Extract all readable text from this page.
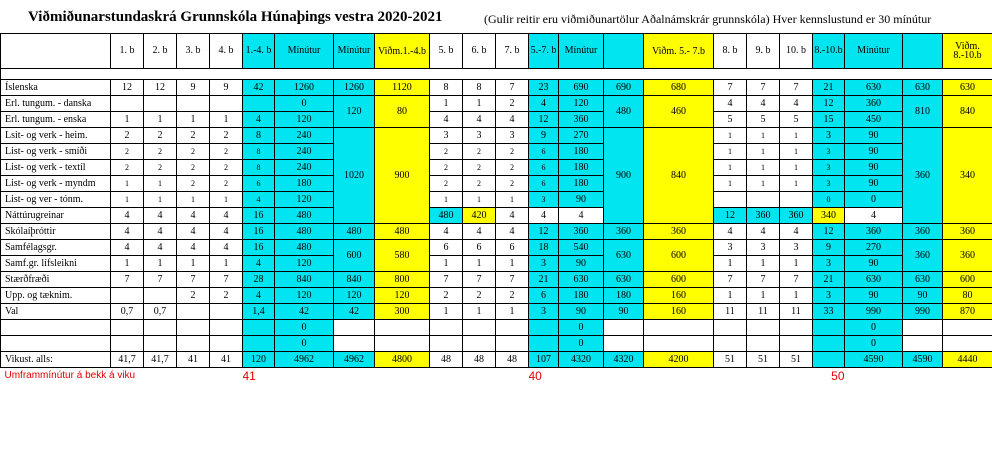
Viðmiðunarstundaskrá Grunnskóla Húnaþings vestra 2020-2021	(Gulir reitir eru viðmiðunartölur Aðalnámskrár grunnskóla) Hver kennslustund er 30 mínútur
	1. b	2. b	3. b	4. b	1.-4. b	Mínútur	Mínútur	Viðm.1.-4.b	5. b	6. b	7. b	5.-7. b	Mínútur		Viðm. 5.- 7.b	8. b	9. b	10. b	8.-10.b	Mínútur		Viðm. 8.-10.b	

Íslenska	12	12	9	9	42	1260	1260	1120	8	8	7	23	690	690	680	7	7	7	21	630	630	630	
Erl. tungum. - danska						0	120	80	1	1	2	4	120	480	460	4	4	4	12	360	810	840	
Erl. tungum. - enska	1	1	1	1	4	120			4	4	4	12	360			5	5	5	15	450			
Lsit- og verk - heim.	2	2	2	2	8	240	1020	900	3	3	3	9	270	900	840	1	1	1	3	90	360	340	
List- og verk - smíði	2	2	2	2	8	240			2	2	2	6	180			1	1	1	3	90			
List- og verk - textíl	2	2	2	2	8	240			2	2	2	6	180			1	1	1	3	90			
List- og verk - myndm	1	1	2	2	6	180			2	2	2	6	180			1	1	1	3	90			
List- og ver - tónm.	1	1	1	1	4	120			1	1	1	3	90						0	0			
Náttúrugreinar	4	4	4	4	16	480			480	420	4	4	4			12	360	360	340	4						
Skólaíþróttir	4	4	4	4	16	480	480	480	4	4	4	12	360	360	360	4	4	4	12	360	360	360	
Samfélagsgr.	4	4	4	4	16	480	600	580	6	6	6	18	540	630	600	3	3	3	9	270	360	360	
Samf.gr. lífsleikni	1	1	1	1	4	120			1	1	1	3	90			1	1	1	3	90			
Stærðfræði	7	7	7	7	28	840	840	800	7	7	7	21	630	630	600	7	7	7	21	630	630	600	
Upp. og tæknim.			2	2	4	120	120	120	2	2	2	6	180	180	160	1	1	1	3	90	90	80	
Val	0,7	0,7			1,4	42	42	300	1	1	1	3	90	90	160	11	11	11	33	990	990	870	
						0							0							0			
						0							0							0			
Vikust. alls:	41,7	41,7	41	41	120	4962	4962	4800	48	48	48	107	4320	4320	4200	51	51	51		4590	4590	4440	
Umframmínútur á bekk á viku					41							40							50				
